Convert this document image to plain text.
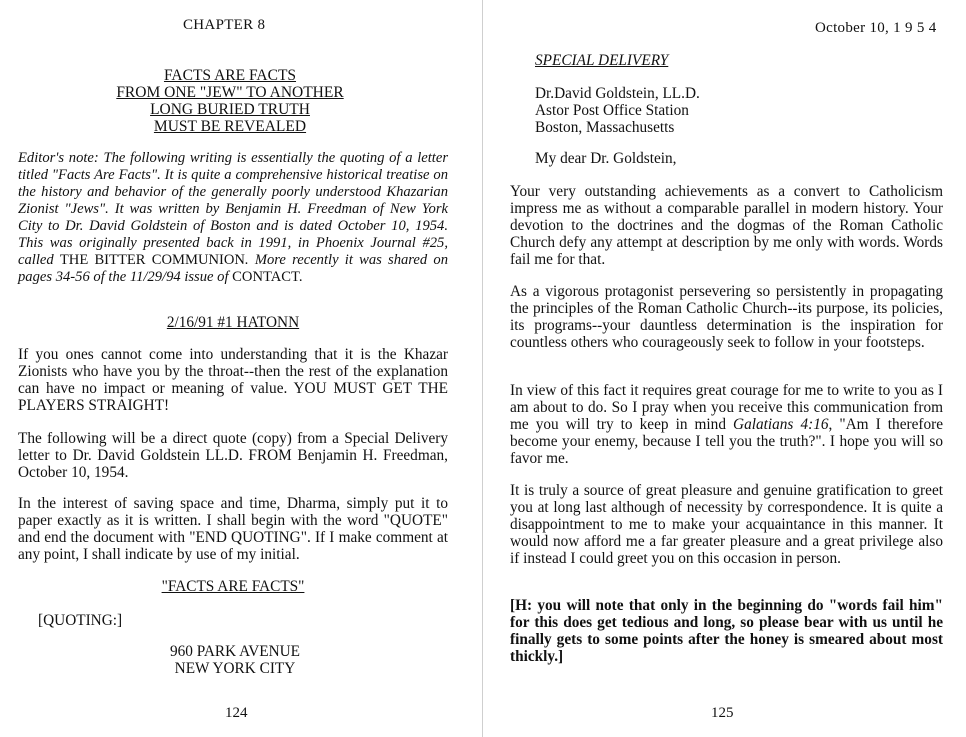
CHAPTER 8
FACTS ARE FACTS
FROM ONE "JEW" TO ANOTHER
LONG BURIED TRUTH
MUST BE REVEALED

Editor's note: The following writing is essentially the quoting of a letter titled "Facts Are Facts". It is quite a comprehensive historical treatise on the history and behavior of the generally poorly understood Khazarian Zionist "Jews". It was written by Benjamin H. Freedman of New York City to Dr. David Goldstein of Boston and is dated October 10, 1954. This was originally presented back in 1991, in Phoenix Journal #25, called THE BITTER COMMUNION. More recently it was shared on pages 34-56 of the 11/29/94 issue of CONTACT.

2/16/91 #1 HATONN

If you ones cannot come into understanding that it is the Khazar Zionists who have you by the throat--then the rest of the explanation can have no impact or meaning of value. YOU MUST GET THE PLAYERS STRAIGHT!

The following will be a direct quote (copy) from a Special Delivery letter to Dr. David Goldstein LL.D. FROM Benjamin H. Freedman, October 10, 1954.

In the interest of saving space and time, Dharma, simply put it to paper exactly as it is written. I shall begin with the word "QUOTE" and end the document with "END QUOTING". If I make comment at any point, I shall indicate by use of my initial.

"FACTS ARE FACTS"
[QUOTING:]
960 PARK AVENUE
NEW YORK CITY
124
October 10, 1 9 5 4
SPECIAL DELIVERY
Dr.David Goldstein, LL.D.
Astor Post Office Station
Boston, Massachusetts
My dear Dr. Goldstein,

Your very outstanding achievements as a convert to Catholicism impress me as without a comparable parallel in modern history. Your devotion to the doctrines and the dogmas of the Roman Catholic Church defy any attempt at description by me only with words. Words fail me for that.

As a vigorous protagonist persevering so persistently in propagating the principles of the Roman Catholic Church--its purpose, its policies, its programs--your dauntless determination is the inspiration for countless others who courageously seek to follow in your footsteps.

In view of this fact it requires great courage for me to write to you as I am about to do. So I pray when you receive this communication from me you will try to keep in mind Galatians 4:16, "Am I therefore become your enemy, because I tell you the truth?". I hope you will so favor me.

It is truly a source of great pleasure and genuine gratification to greet you at long last although of necessity by correspondence. It is quite a disappointment to me to make your acquaintance in this manner. It would now afford me a far greater pleasure and a great privilege also if instead I could greet you on this occasion in person.

[H: you will note that only in the beginning do "words fail him" for this does get tedious and long, so please bear with us until he finally gets to some points after the honey is smeared about most thickly.]

125
